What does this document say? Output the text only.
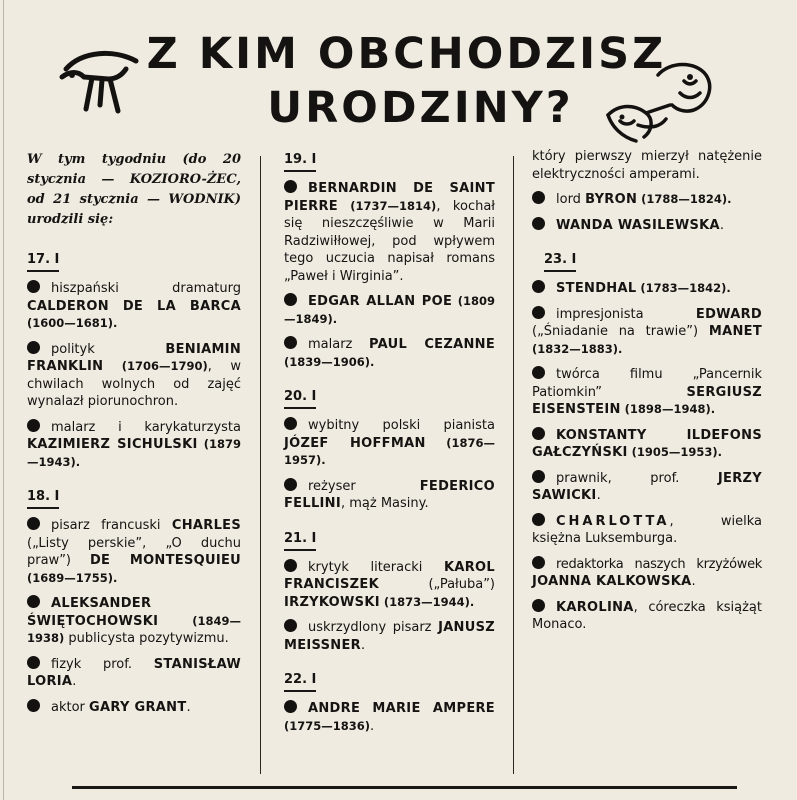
Z KIM OBCHODZISZ
URODZINY?

W tym tygodniu (do 20 stycznia — KOZIORO-ŻEC, od 21 stycznia — WODNIK) urodzili się:

17. I

hiszpański dramaturg CALDERON DE LA BARCA (1600—1681).

polityk BENIAMIN FRANKLIN (1706—1790), w chwilach wolnych od zajęć wynalazł piorunochron.

malarz i karykaturzysta KAZIMIERZ SICHULSKI (1879—1943).

18. I

pisarz francuski CHARLES („Listy perskie”, „O duchu praw”) DE MONTESQUIEU (1689—1755).

ALEKSANDER ŚWIĘTOCHOWSKI (1849—1938) publicysta pozytywizmu.

fizyk prof. STANISŁAW LORIA.

aktor GARY GRANT.

19. I

BERNARDIN DE SAINT PIERRE (1737—1814), kochał się nieszczęśliwie w Marii Radziwiłłowej, pod wpływem tego uczucia napisał romans „Paweł i Wirginia”.

EDGAR ALLAN POE (1809—1849).

malarz PAUL CEZANNE (1839—1906).

20. I

wybitny polski pianista JÓZEF HOFFMAN (1876—1957).

reżyser FEDERICO FELLINI, mąż Masiny.

21. I

krytyk literacki KAROL FRANCISZEK („Pałuba”) IRZYKOWSKI (1873—1944).

uskrzydlony pisarz JANUSZ MEISSNER.

22. I

ANDRE MARIE AMPERE (1775—1836).

który pierwszy mierzył natężenie elektryczności amperami.

lord BYRON (1788—1824).

WANDA WASILEWSKA.

23. I

STENDHAL (1783—1842).

impresjonista EDWARD („Śniadanie na trawie”) MANET (1832—1883).

twórca filmu „Pancernik Patiomkin” SERGIUSZ EISENSTEIN (1898—1948).

KONSTANTY ILDEFONS GAŁCZYŃSKI (1905—1953).

prawnik, prof. JERZY SAWICKI.

CHARLOTTA, wielka księżna Luksemburga.

redaktorka naszych krzyżówek JOANNA KALKOWSKA.

KAROLINA, córeczka książąt Monaco.
